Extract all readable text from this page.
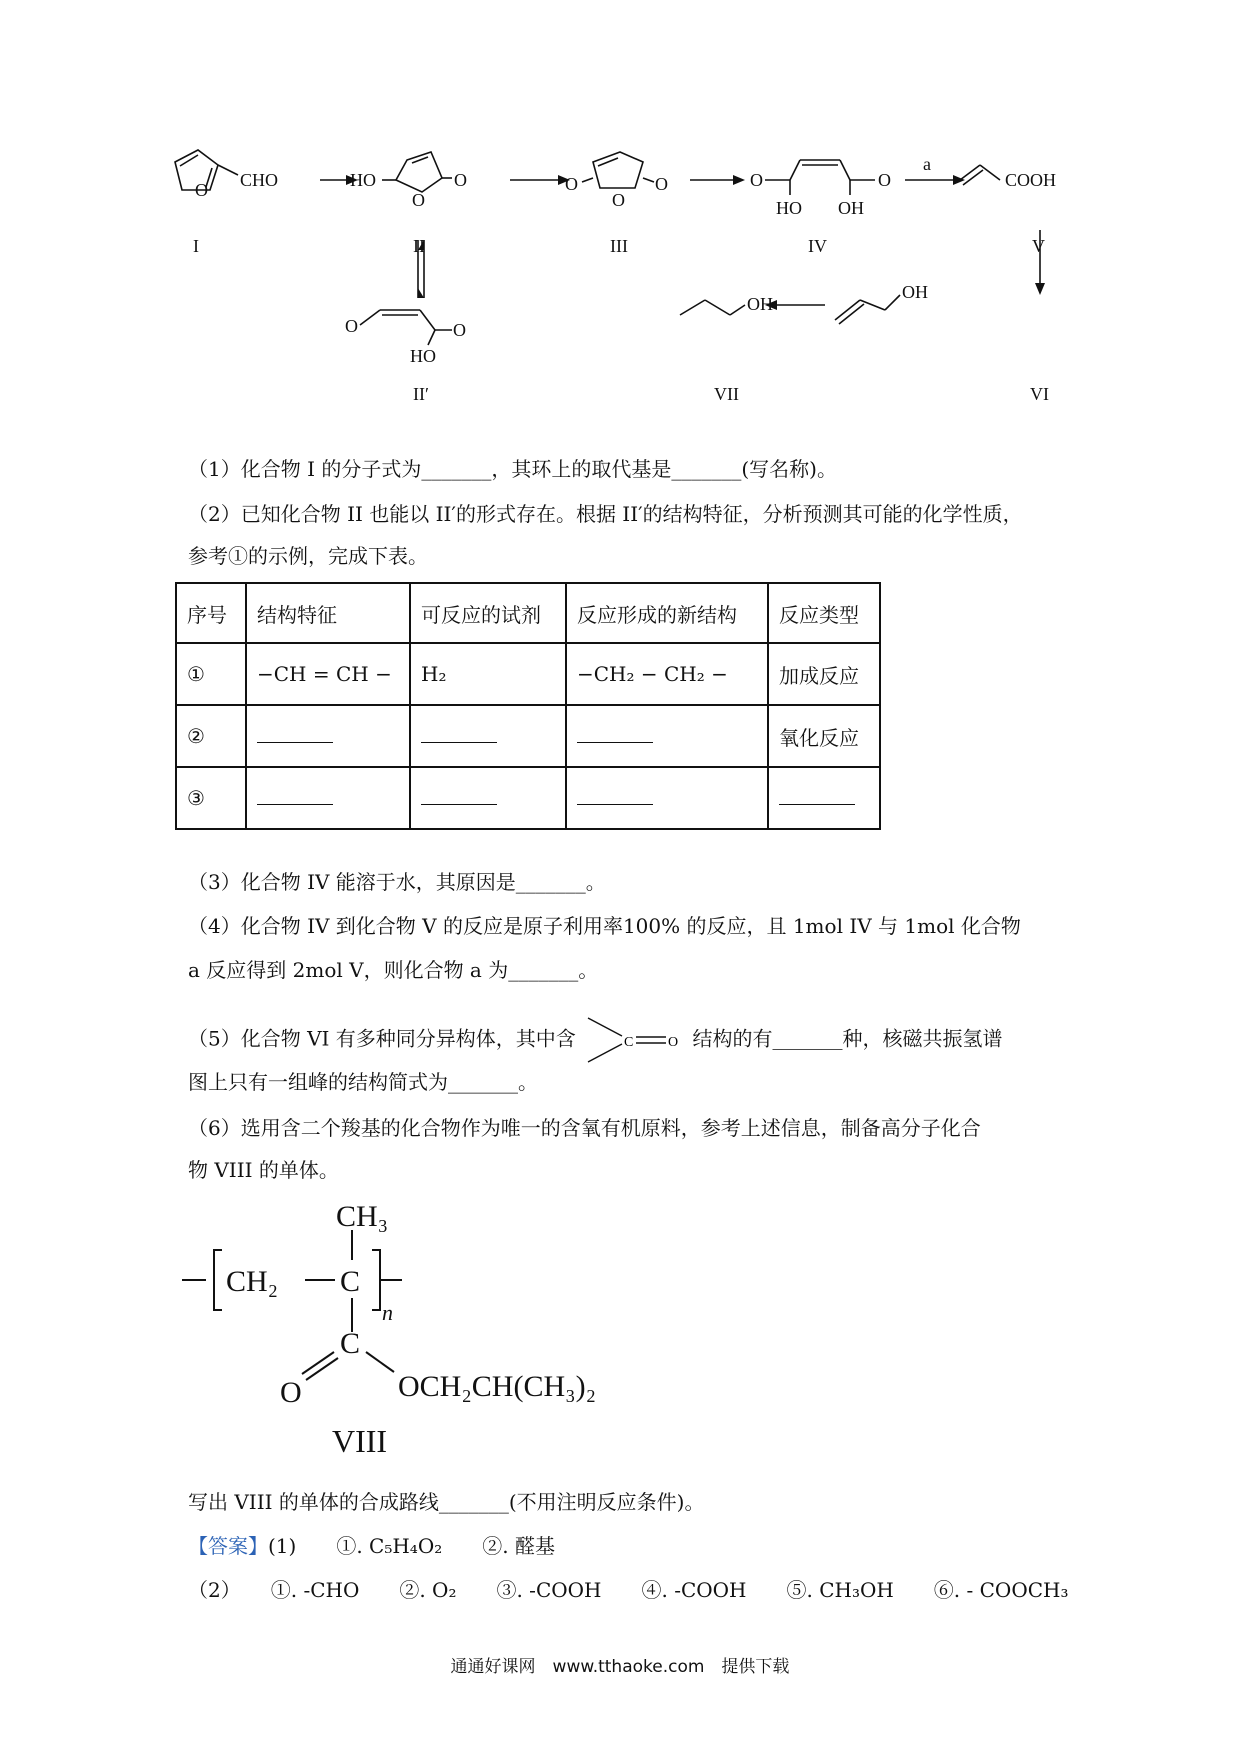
O CHO	HO
O
O	O
O
O	O	O
HO OH
a
COOH
O
HO
O
OH
OH
I	II	III	IV	V
VI
VII
II′
（1）化合物 I 的分子式为_______，其环上的取代基是_______(写名称)。
（2）已知化合物 II 也能以 II′的形式存在。根据 II′的结构特征，分析预测其可能的化学性质，
参考①的示例，完成下表。
序号	结构特征	可反应的试剂	反应形成的新结构	反应类型
①	−CH = CH −	H₂	−CH₂ − CH₂ −	加成反应
②				氧化反应
③				
（3）化合物 IV 能溶于水，其原因是_______。
（4）化合物 IV 到化合物 V 的反应是原子利用率100% 的反应，且 1mol IV 与 1mol 化合物
a 反应得到 2mol V，则化合物 a 为_______。
（5）化合物 VI 有多种同分异构体，其中含	C O 结构的有_______种，核磁共振氢谱
图上只有一组峰的结构简式为_______。
（6）选用含二个羧基的化合物作为唯一的含氧有机原料，参考上述信息，制备高分子化合
物 VIII 的单体。
CH₃
CH₂ C
n
C
O	OCH₂CH(CH₃)₂
VIII
写出 VIII 的单体的合成路线_______(不用注明反应条件)。
【答案】(1)　　①. C₅H₄O₂　　②. 醛基
（2）　　①. -CHO　　②. O₂　　③. -COOH　　④. -COOH　　⑤. CH₃OH　　⑥. - COOCH₃
通通好课网　www.tthaoke.com　提供下载
